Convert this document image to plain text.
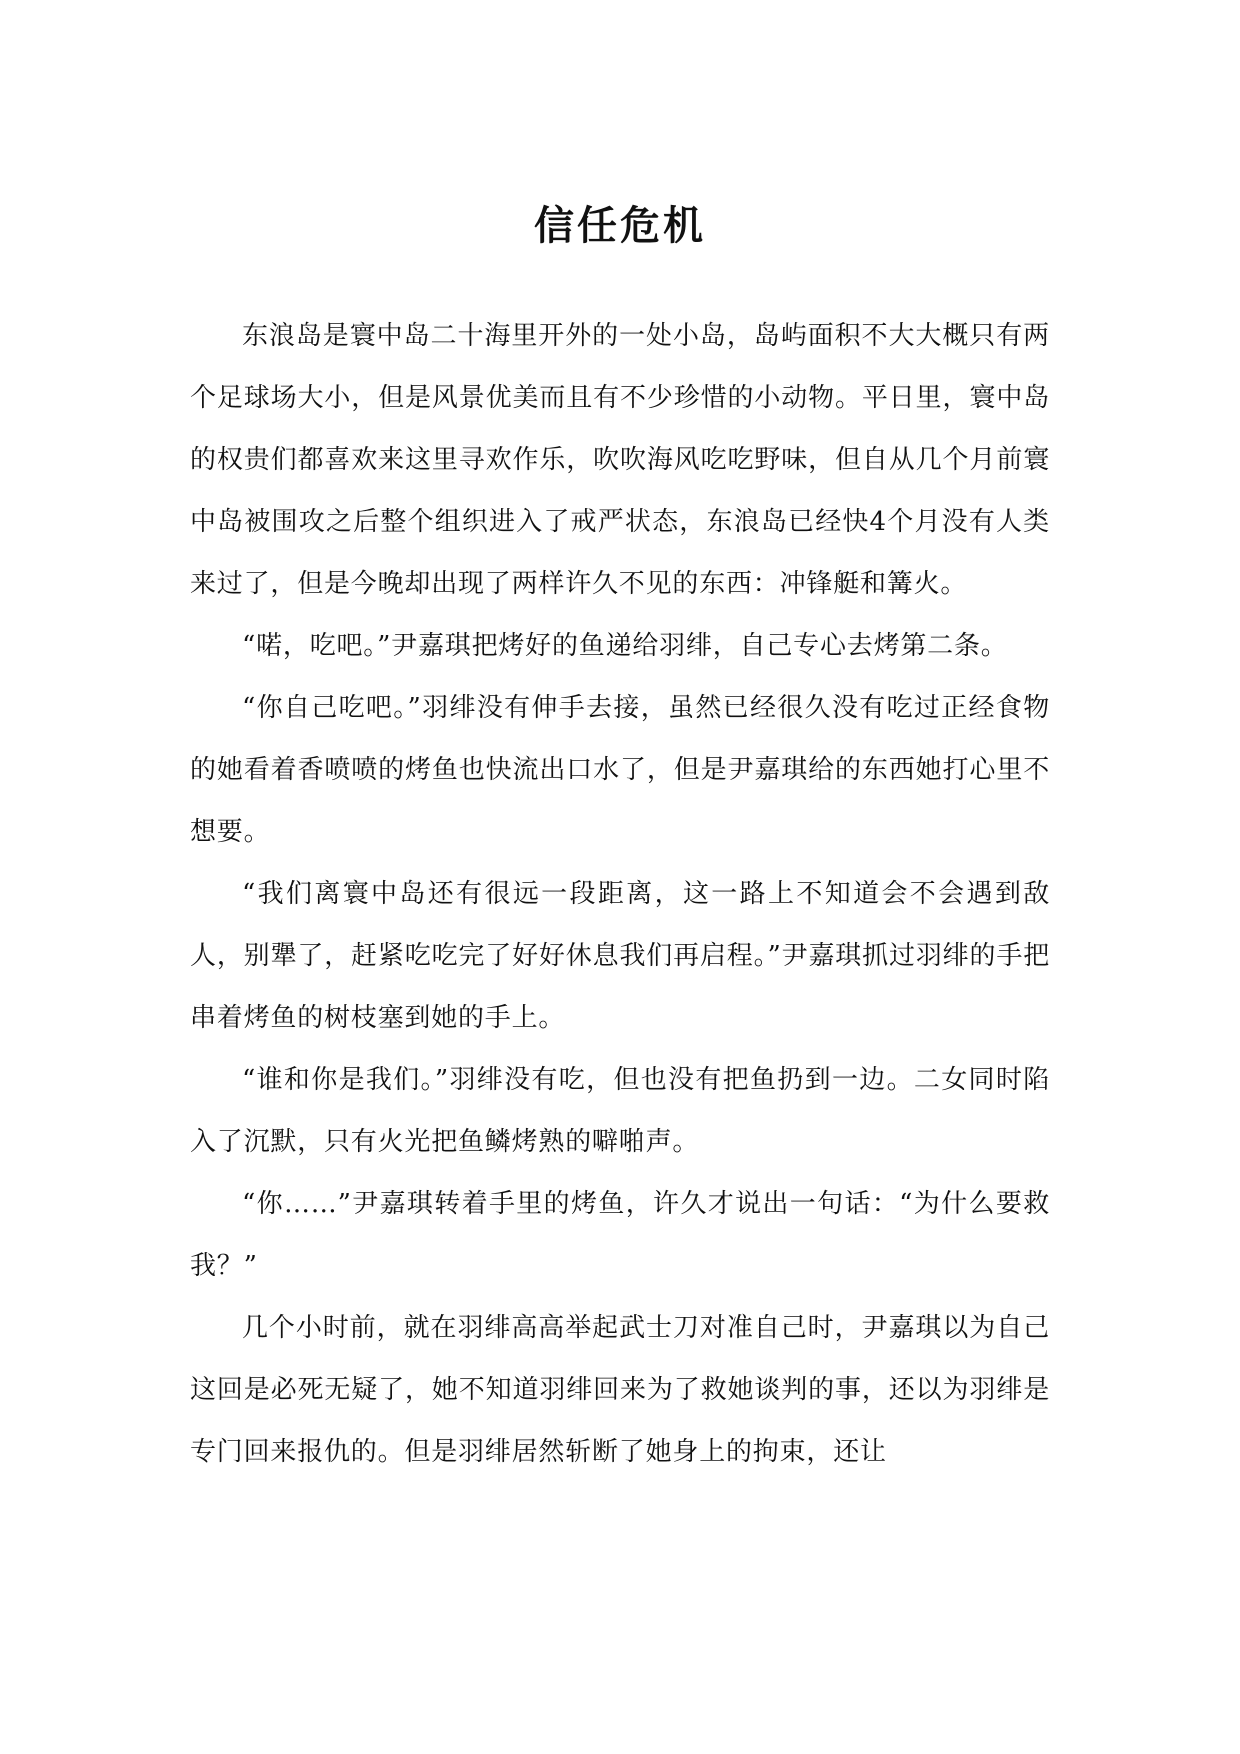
信任危机

东浪岛是寰中岛二十海里开外的一处小岛，岛屿面积不大大概只有两个足球场大小，但是风景优美而且有不少珍惜的小动物。平日里，寰中岛的权贵们都喜欢来这里寻欢作乐，吹吹海风吃吃野味，但自从几个月前寰中岛被围攻之后整个组织进入了戒严状态，东浪岛已经快4个月没有人类来过了，但是今晚却出现了两样许久不见的东西：冲锋艇和篝火。

“喏，吃吧。”尹嘉琪把烤好的鱼递给羽绯，自己专心去烤第二条。

“你自己吃吧。”羽绯没有伸手去接，虽然已经很久没有吃过正经食物的她看着香喷喷的烤鱼也快流出口水了，但是尹嘉琪给的东西她打心里不想要。

“我们离寰中岛还有很远一段距离，这一路上不知道会不会遇到敌人，别犟了，赶紧吃吃完了好好休息我们再启程。”尹嘉琪抓过羽绯的手把串着烤鱼的树枝塞到她的手上。

“谁和你是我们。”羽绯没有吃，但也没有把鱼扔到一边。二女同时陷入了沉默，只有火光把鱼鳞烤熟的噼啪声。

“你……”尹嘉琪转着手里的烤鱼，许久才说出一句话：“为什么要救我？”

几个小时前，就在羽绯高高举起武士刀对准自己时，尹嘉琪以为自己这回是必死无疑了，她不知道羽绯回来为了救她谈判的事，还以为羽绯是专门回来报仇的。但是羽绯居然斩断了她身上的拘束，还让
